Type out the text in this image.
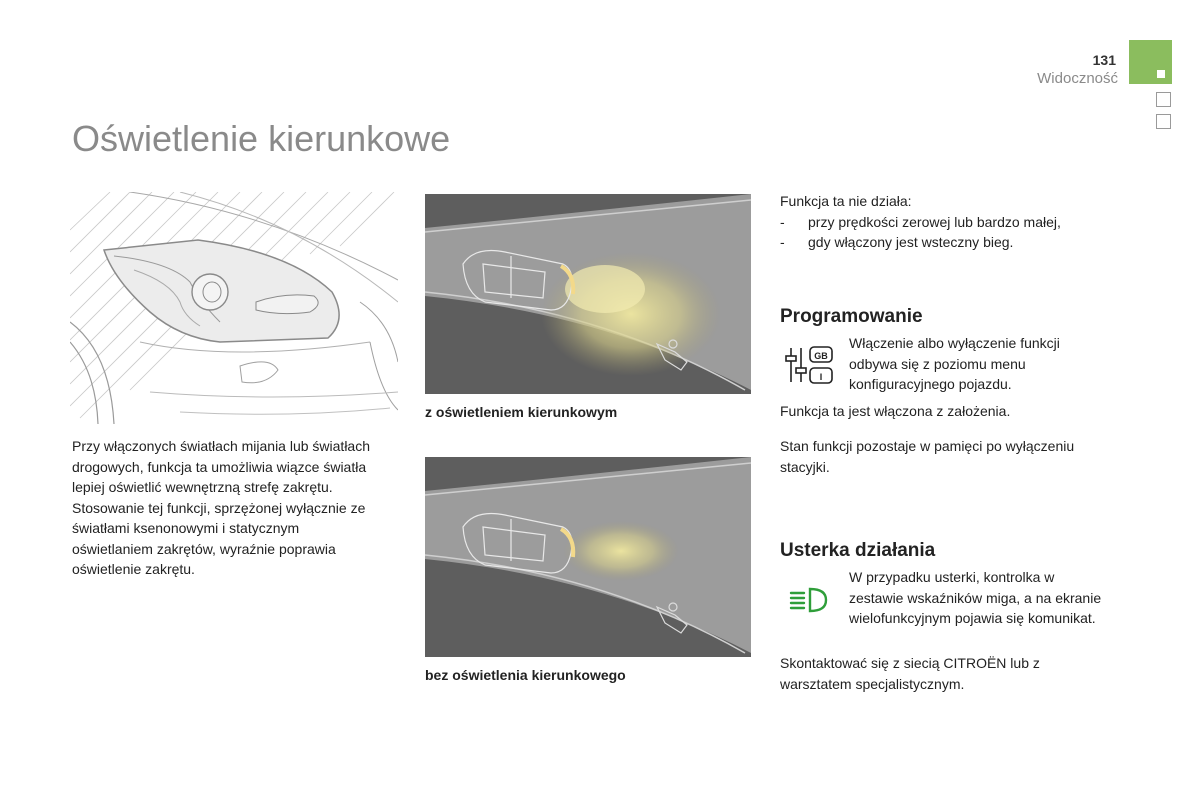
131
Widoczność
Oświetlenie kierunkowe
Przy włączonych światłach mijania lub światłach drogowych, funkcja ta umożliwia wiązce światła lepiej oświetlić wewnętrzną strefę zakrętu.
Stosowanie tej funkcji, sprzężonej wyłącznie ze światłami ksenonowymi i statycznym oświetlaniem zakrętów, wyraźnie poprawia oświetlenie zakrętu.
z oświetleniem kierunkowym
bez oświetlenia kierunkowego
Funkcja ta nie działa:
-	przy prędkości zerowej lub bardzo małej,
-	gdy włączony jest wsteczny bieg.
Programowanie
GB
I
Włączenie albo wyłączenie funkcji odbywa się z poziomu menu konfiguracyjnego pojazdu.
Funkcja ta jest włączona z założenia.
Stan funkcji pozostaje w pamięci po wyłączeniu stacyjki.
Usterka działania
W przypadku usterki, kontrolka w zestawie wskaźników miga, a na ekranie wielofunkcyjnym pojawia się komunikat.
Skontaktować się z siecią CITROËN lub z warsztatem specjalistycznym.
